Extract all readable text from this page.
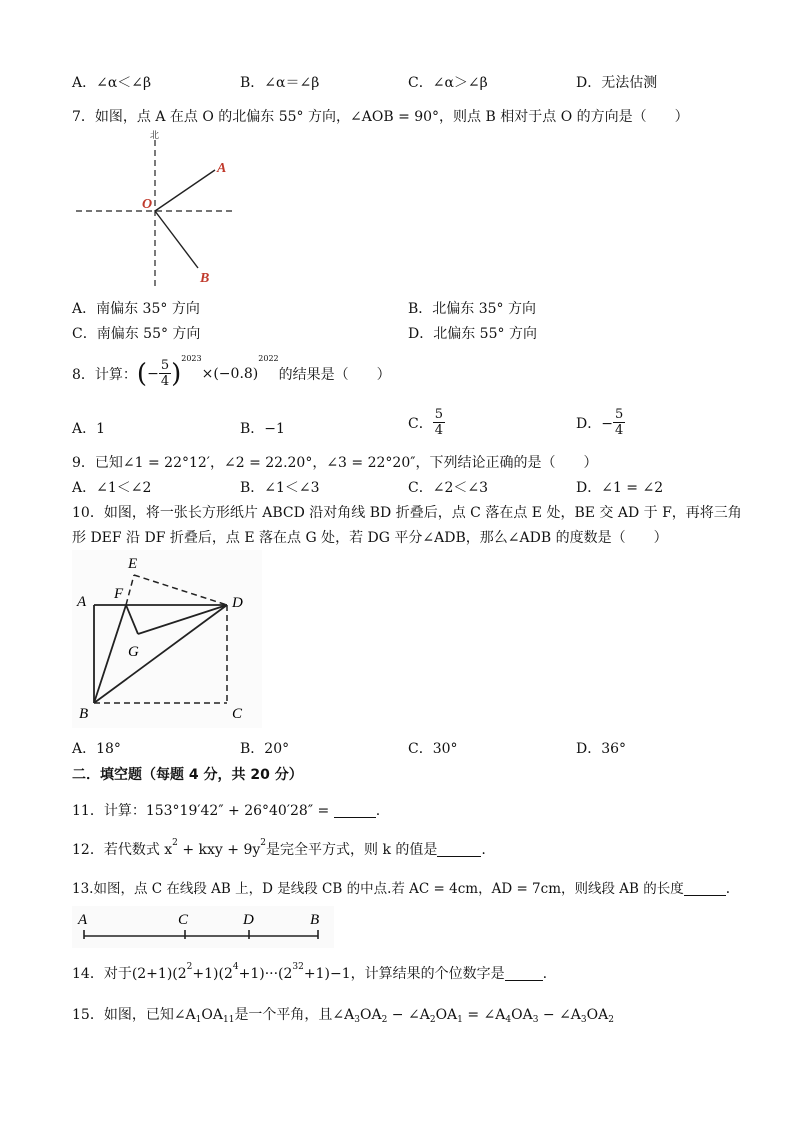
A．∠α＜∠β	B．∠α＝∠β	C．∠α＞∠β	D．无法估测
7．如图，点 A 在点 O 的北偏东 55° 方向，∠AOB = 90°，则点 B 相对于点 O 的方向是（　　）
北
O
A
B
A．南偏东 35° 方向	B．北偏东 35° 方向
C．南偏东 55° 方向	D．北偏东 55° 方向
8．计算： ( − $\frac{5}{4}$ ) 2023
×(−0.8)
2022
的结果是（　　）
A．1	B．−1	C． $\frac{5}{4}$	D．− $\frac{5}{4}$
9．已知∠1 = 22°12′，∠2 = 22.20°，∠3 = 22°20″，下列结论正确的是（　　）
A．∠1＜∠2	B．∠1＜∠3	C．∠2＜∠3	D．∠1 = ∠2
10．如图，将一张长方形纸片 ABCD 沿对角线 BD 折叠后，点 C 落在点 E 处，BE 交 AD 于 F，再将三角
形 DEF 沿 DF 折叠后，点 E 落在点 G 处，若 DG 平分∠ADB，那么∠ADB 的度数是（　　）
E
F
A	D
G
B	C
A．18°	B．20°	C．30°	D．36°
二．填空题（每题 4 分，共 20 分）
11．计算：153°19′42″ + 26°40′28″ =	.
12．若代数式 $x^2$ + kxy + $9y^2$是完全平方式，则 k 的值是	.
13.如图，点 C 在线段 AB 上，D 是线段 CB 的中点.若 AC = 4cm，AD = 7cm，则线段 AB 的长度	.
A	C	D	B
14．对于$(2+1)(2^2+1)(2^4+1)\cdot\cdot\cdot(2^{32}+1)-1$，计算结果的个位数字是	.
15．如图，已知$\angle A_1OA_{11}$是一个平角，且$\angle A_3OA_2$ − $\angle A_2OA_1$ = $\angle A_4OA_3$ − $\angle A_3OA_2$
